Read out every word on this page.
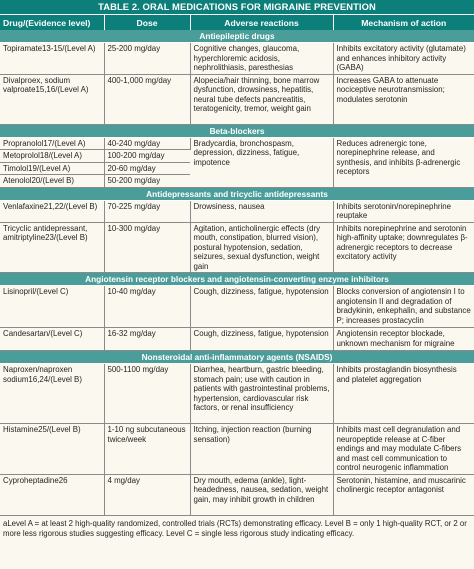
TABLE 2. ORAL MEDICATIONS FOR MIGRAINE PREVENTION
Drug/(Evidence level)	Dose	Adverse reactions	Mechanism of action
Antiepileptic drugs			
Topiramate13-15/(Level A)	25-200 mg/day	Cognitive changes, glaucoma, hyperchloremic acidosis, nephrolithiasis, paresthesias	Inhibits excitatory activity (glutamate) and enhances inhibitory activity (GABA)
Divalproex, sodium valproate15,16/(Level A)	400-1,000 mg/day	Alopecia/hair thinning, bone marrow dysfunction, drowsiness, hepatitis, neural tube defects pancreatitis, teratogenicity, tremor, weight gain	Increases GABA to attenuate nociceptive neurotransmission; modulates serotonin
Beta-blockers			
Propranolol17/(Level A)	40-240 mg/day	Bradycardia, bronchospasm, depression, dizziness, fatigue, impotence	Reduces adrenergic tone, norepinephrine release, and synthesis, and inhibits β-adrenergic receptors
Metoprolol18/(Level A)	100-200 mg/day		
Timolol19/(Level A)	20-60 mg/day		
Atenolol20/(Level B)	50-200 mg/day		
Antidepressants and tricyclic antidepressants			
Venlafaxine21,22/(Level B)	70-225 mg/day	Drowsiness, nausea	Inhibits serotonin/norepinephrine reuptake
Tricyclic antidepressant, amitriptyline23/(Level B)	10-300 mg/day	Agitation, anticholinergic effects (dry mouth, constipation, blurred vision), postural hypotension, sedation, seizures, sexual dysfunction, weight gain	Inhibits norepinephrine and serotonin high-affinity uptake; downregulates β-adrenergic receptors to decrease excitatory activity
Angiotensin receptor blockers and angiotensin-converting enzyme inhibitors			
Lisinopril/(Level C)	10-40 mg/day	Cough, dizziness, fatigue, hypotension	Blocks conversion of angiotensin I to angiotensin II and degradation of bradykinin, enkephalin, and substance P; increases prostacyclin
Candesartan/(Level C)	16-32 mg/day	Cough, dizziness, fatigue, hypotension	Angiotensin receptor blockade, unknown mechanism for migraine
Nonsteroidal anti-inflammatory agents (NSAIDS)			
Naproxen/naproxen sodium16,24/(Level B)	500-1100 mg/day	Diarrhea, heartburn, gastric bleeding, stomach pain; use with caution in patients with gastrointestinal problems, hypertension, cardiovascular risk factors, or renal insufficiency	Inhibits prostaglandin biosynthesis and platelet aggregation
Histamine25/(Level B)	1-10 ng subcutaneous twice/week	Itching, injection reaction (burning sensation)	Inhibits mast cell degranulation and neuropeptide release at C-fiber endings and may modulate C-fibers and mast cell communication to control neurogenic inflammation
Cyproheptadine26	4 mg/day	Dry mouth, edema (ankle), light-headedness, nausea, sedation, weight gain, may inhibit growth in children	Serotonin, histamine, and muscarinic cholinergic receptor antagonist
aLevel A = at least 2 high-quality randomized, controlled trials (RCTs) demonstrating efficacy. Level B = only 1 high-quality RCT, or 2 or more less rigorous studies suggesting efficacy. Level C = single less rigorous study indicating efficacy.
